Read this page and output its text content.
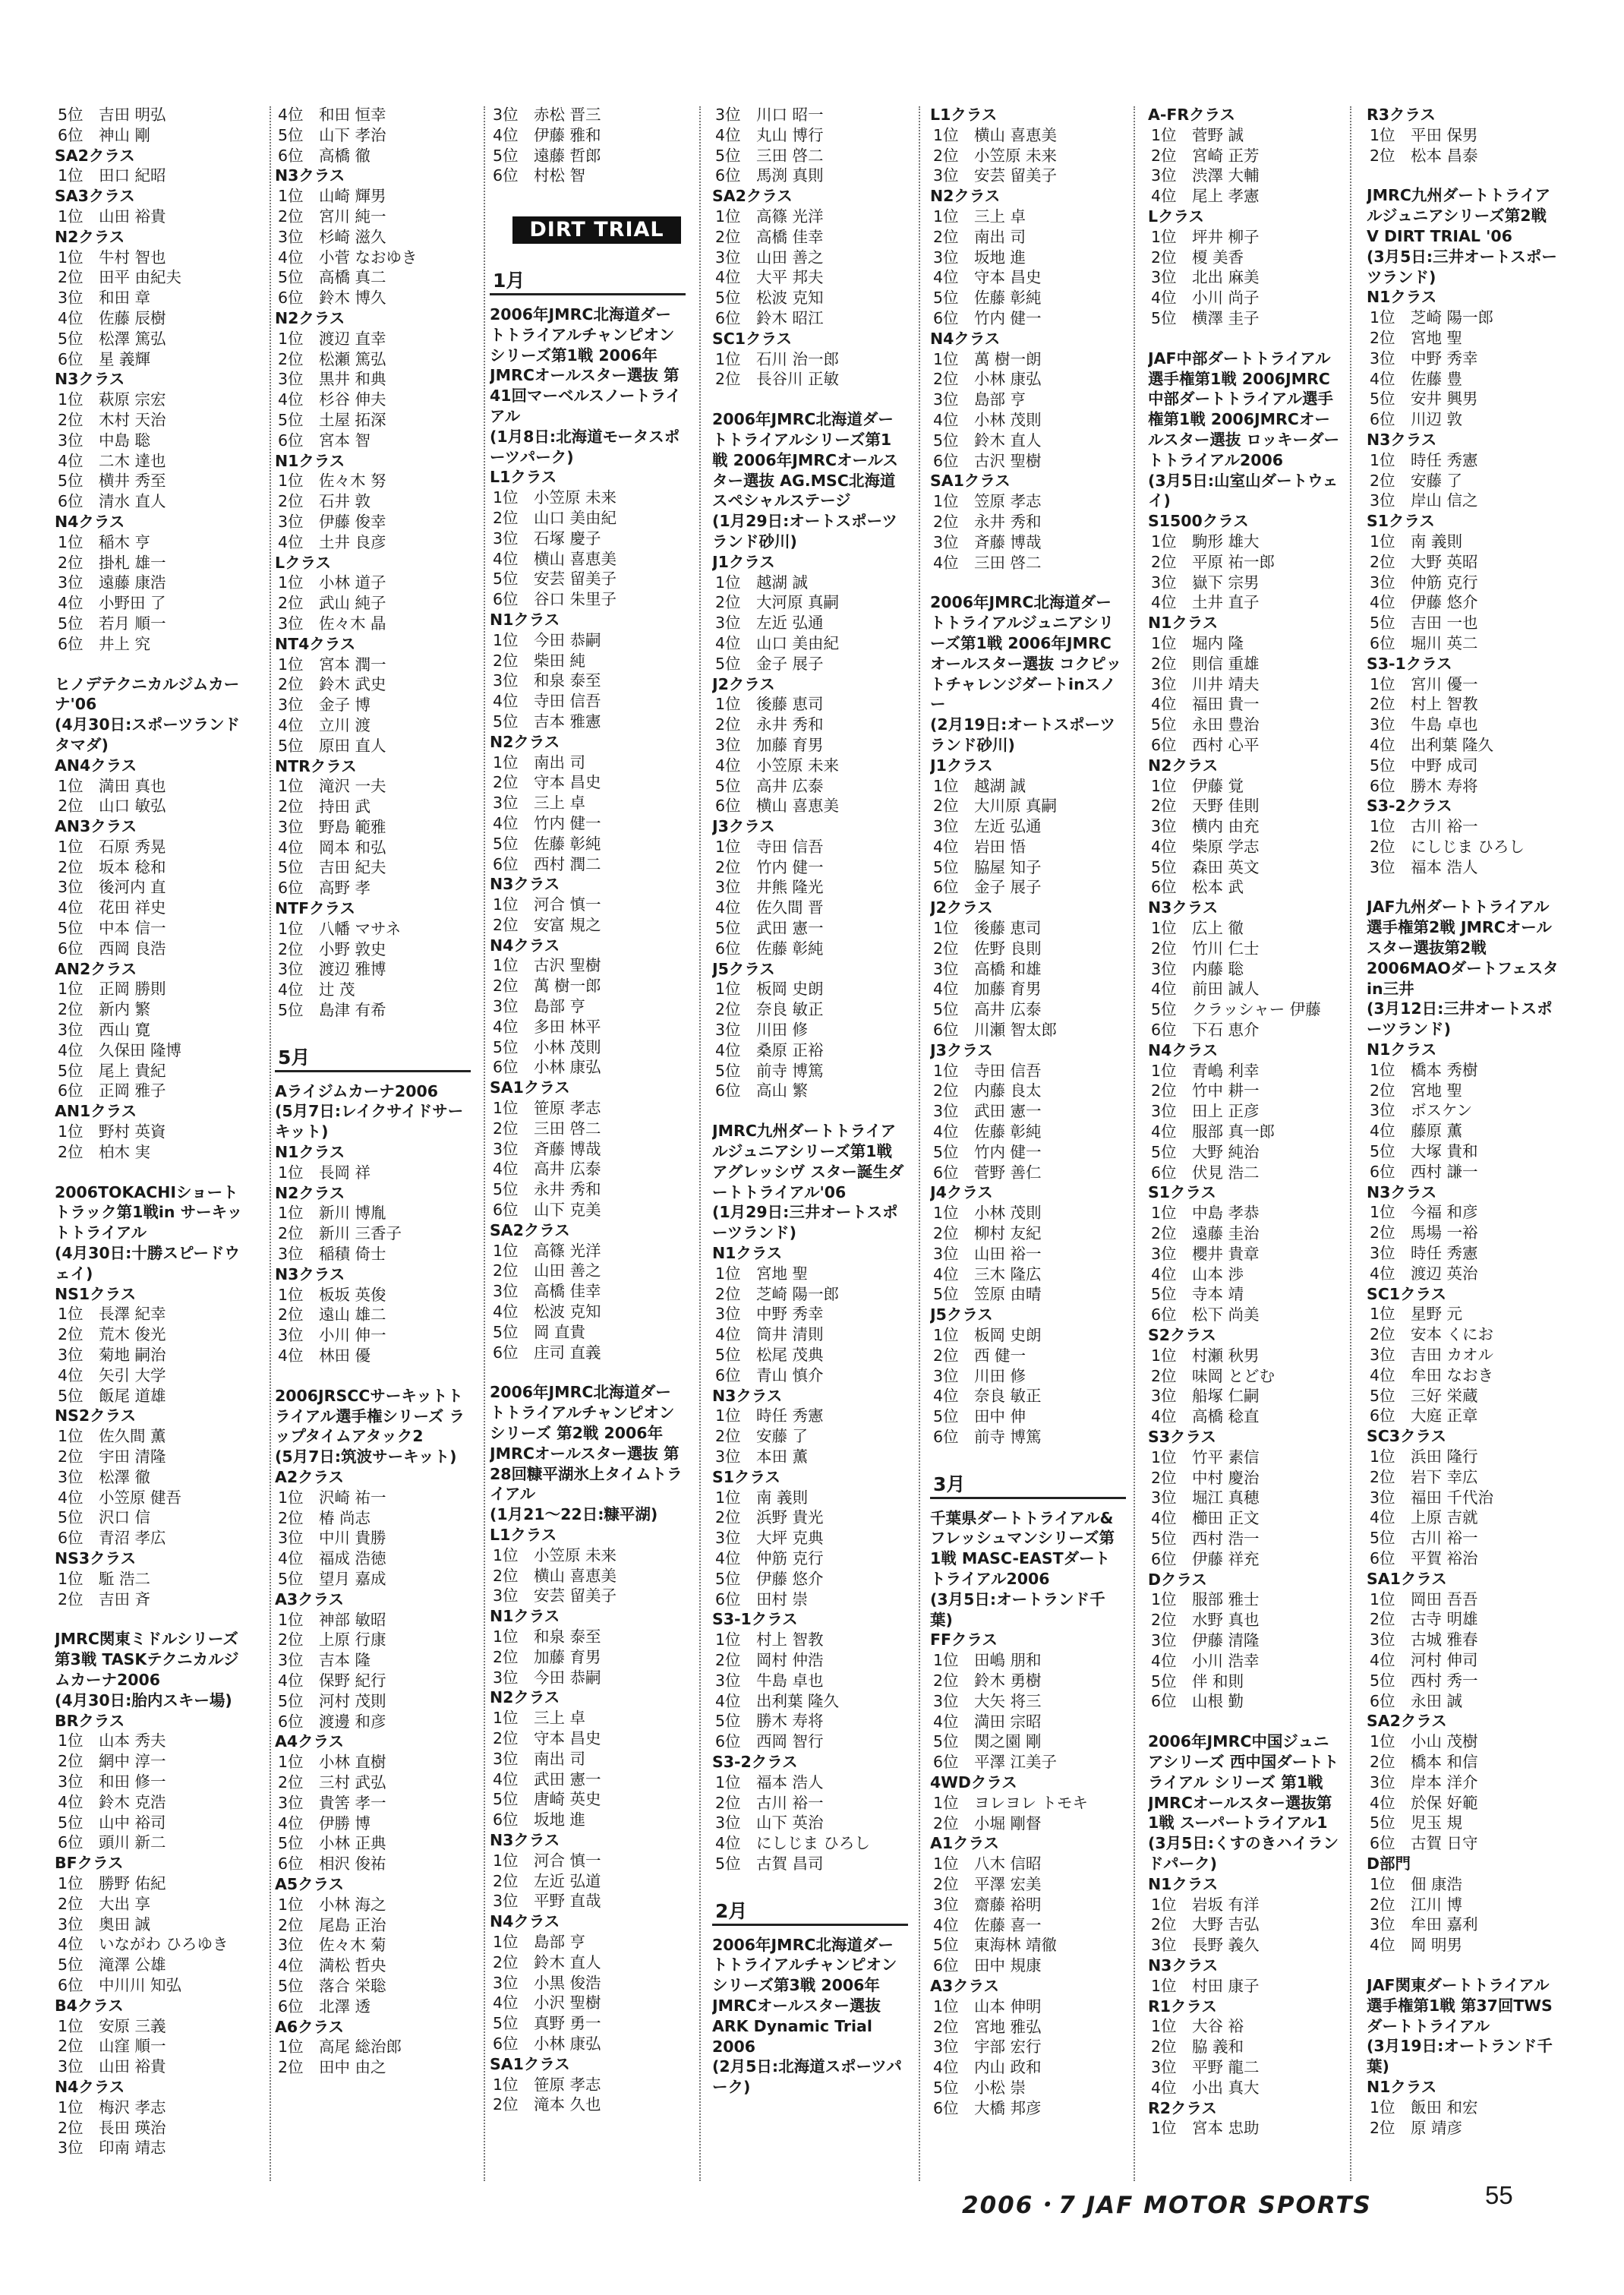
5位　吉田 明弘
6位　神山 剛
SA2クラス
1位　田口 紀昭
SA3クラス
1位　山田 裕貴
N2クラス
1位　牛村 智也
2位　田平 由紀夫
3位　和田 章
4位　佐藤 辰樹
5位　松澤 篤弘
6位　星 義輝
N3クラス
1位　萩原 宗宏
2位　木村 天治
3位　中島 聡
4位　二木 達也
5位　横井 秀至
6位　清水 直人
N4クラス
1位　稲木 亨
2位　掛札 雄一
3位　遠藤 康浩
4位　小野田 了
5位　若月 順一
6位　井上 究
ヒノデテクニカルジムカーナ'06
(4月30日:スポーツランドタマダ)
AN4クラス
1位　満田 真也
2位　山口 敏弘
AN3クラス
1位　石原 秀晃
2位　坂本 稔和
3位　後河内 直
4位　花田 祥史
5位　中本 信一
6位　西岡 良浩
AN2クラス
1位　正岡 勝則
2位　新内 繁
3位　西山 寛
4位　久保田 隆博
5位　尾上 貴紀
6位　正岡 雅子
AN1クラス
1位　野村 英資
2位　柏木 実
2006TOKACHIショートトラック第1戦in サーキットトライアル
(4月30日:十勝スピードウェイ)
NS1クラス
1位　長澤 紀幸
2位　荒木 俊光
3位　菊地 嗣治
4位　矢引 大学
5位　飯尾 道雄
NS2クラス
1位　佐久間 薫
2位　宇田 清隆
3位　松澤 徹
4位　小笠原 健吾
5位　沢口 信
6位　青沼 孝広
NS3クラス
1位　駈 浩二
2位　吉田 斉
JMRC関東ミドルシリーズ第3戦 TASKテクニカルジムカーナ2006
(4月30日:胎内スキー場)
BRクラス
1位　山本 秀夫
2位　網中 淳一
3位　和田 修一
4位　鈴木 克浩
5位　山中 裕司
6位　頭川 新二
BFクラス
1位　勝野 佑紀
2位　大出 享
3位　奥田 誠
4位　いながわ ひろゆき
5位　滝澤 公雄
6位　中川川 知弘
B4クラス
1位　安原 三義
2位　山窪 順一
3位　山田 裕貴
N4クラス
1位　梅沢 孝志
2位　長田 瑛治
3位　印南 靖志
4位　和田 恒幸
5位　山下 孝治
6位　高橋 徹
N3クラス
1位　山崎 輝男
2位　宮川 純一
3位　杉崎 滋久
4位　小菅 なおゆき
5位　高橋 真二
6位　鈴木 博久
N2クラス
1位　渡辺 直幸
2位　松瀬 篤弘
3位　黒井 和典
4位　杉谷 伸夫
5位　土屋 拓深
6位　宮本 智
N1クラス
1位　佐々木 努
2位　石井 敦
3位　伊藤 俊幸
4位　土井 良彦
Lクラス
1位　小林 道子
2位　武山 純子
3位　佐々木 晶
NT4クラス
1位　宮本 潤一
2位　鈴木 武史
3位　金子 博
4位　立川 渡
5位　原田 直人
NTRクラス
1位　滝沢 一夫
2位　持田 武
3位　野島 範雅
4位　岡本 和弘
5位　吉田 紀夫
6位　高野 孝
NTFクラス
1位　八幡 マサネ
2位　小野 敦史
3位　渡辺 雅博
4位　辻 茂
5位　島津 有希
5月
Aライジムカーナ2006
(5月7日:レイクサイドサーキット)
N1クラス
1位　長岡 祥
N2クラス
1位　新川 博胤
2位　新川 三香子
3位　稲積 倚士
N3クラス
1位　板坂 英俊
2位　遠山 雄二
3位　小川 伸一
4位　林田 優
2006JRSCCサーキットトライアル選手権シリーズ ラップタイムアタック2
(5月7日:筑波サーキット)
A2クラス
1位　沢崎 祐一
2位　椿 尚志
3位　中川 貴勝
4位　福成 浩徳
5位　望月 嘉成
A3クラス
1位　神部 敏昭
2位　上原 行康
3位　吉本 隆
4位　保野 紀行
5位　河村 茂則
6位　渡邊 和彦
A4クラス
1位　小林 直樹
2位　三村 武弘
3位　貴筈 孝一
4位　伊勝 博
5位　小林 正典
6位　相沢 俊祐
A5クラス
1位　小林 海之
2位　尾島 正治
3位　佐々木 菊
4位　満松 哲央
5位　落合 栄聡
6位　北澤 透
A6クラス
1位　高尾 総治郎
2位　田中 由之
3位　赤松 晋三
4位　伊藤 雅和
5位　遠藤 哲郎
6位　村松 智
DIRT TRIAL
1月
2006年JMRC北海道ダートトライアルチャンピオンシリーズ第1戦 2006年JMRCオールスター選抜 第41回マーベルスノートライアル
(1月8日:北海道モータスポーツパーク)
L1クラス
1位　小笠原 未来
2位　山口 美由紀
3位　石塚 慶子
4位　横山 喜恵美
5位　安芸 留美子
6位　谷口 朱里子
N1クラス
1位　今田 恭嗣
2位　柴田 純
3位　和泉 泰至
4位　寺田 信吾
5位　吉本 雅憲
N2クラス
1位　南出 司
2位　守本 昌史
3位　三上 卓
4位　竹内 健一
5位　佐藤 彰純
6位　西村 潤二
N3クラス
1位　河合 慎一
2位　安富 規之
N4クラス
1位　古沢 聖樹
2位　萬 樹一郎
3位　島部 亨
4位　多田 林平
5位　小林 茂則
6位　小林 康弘
SA1クラス
1位　笹原 孝志
2位　三田 啓二
3位　斉藤 博哉
4位　高井 広泰
5位　永井 秀和
6位　山下 克美
SA2クラス
1位　高篠 光洋
2位　山田 善之
3位　高橋 佳幸
4位　松波 克知
5位　岡 直貴
6位　庄司 直義
2006年JMRC北海道ダートトライアルチャンピオンシリーズ 第2戦 2006年JMRCオールスター選抜 第28回糠平湖氷上タイムトライアル
(1月21～22日:糠平湖)
L1クラス
1位　小笠原 未来
2位　横山 喜恵美
3位　安芸 留美子
N1クラス
1位　和泉 泰至
2位　加藤 育男
3位　今田 恭嗣
N2クラス
1位　三上 卓
2位　守本 昌史
3位　南出 司
4位　武田 憲一
5位　唐崎 英史
6位　坂地 進
N3クラス
1位　河合 慎一
2位　左近 弘道
3位　平野 直哉
N4クラス
1位　島部 亨
2位　鈴木 直人
3位　小黒 俊浩
4位　小沢 聖樹
5位　真野 勇一
6位　小林 康弘
SA1クラス
1位　笹原 孝志
2位　滝本 久也
3位　川口 昭一
4位　丸山 博行
5位　三田 啓二
6位　馬渕 真則
SA2クラス
1位　高篠 光洋
2位　高橋 佳幸
3位　山田 善之
4位　大平 邦夫
5位　松波 克知
6位　鈴木 昭江
SC1クラス
1位　石川 治一郎
2位　長谷川 正敏
2006年JMRC北海道ダートトライアルシリーズ第1戦 2006年JMRCオールスター選抜 AG.MSC北海道スペシャルステージ
(1月29日:オートスポーツランド砂川)
J1クラス
1位　越湖 誠
2位　大河原 真嗣
3位　左近 弘通
4位　山口 美由紀
5位　金子 展子
J2クラス
1位　後藤 恵司
2位　永井 秀和
3位　加藤 育男
4位　小笠原 未来
5位　高井 広泰
6位　横山 喜恵美
J3クラス
1位　寺田 信吾
2位　竹内 健一
3位　井熊 隆光
4位　佐久間 晋
5位　武田 憲一
6位　佐藤 彰純
J5クラス
1位　板岡 史朗
2位　奈良 敏正
3位　川田 修
4位　桑原 正裕
5位　前寺 博篤
6位　高山 繁
JMRC九州ダートトライアルジュニアシリーズ第1戦 アグレッシヴ スター誕生ダートトライアル'06
(1月29日:三井オートスポーツランド)
N1クラス
1位　宮地 聖
2位　芝崎 陽一郎
3位　中野 秀幸
4位　筒井 清則
5位　松尾 茂典
6位　青山 慎介
N3クラス
1位　時任 秀憲
2位　安藤 了
3位　本田 薫
S1クラス
1位　南 義則
2位　浜野 貴光
3位　大坪 克典
4位　仲筋 克行
5位　伊藤 悠介
6位　田村 崇
S3-1クラス
1位　村上 智教
2位　岡村 仲浩
3位　牛島 卓也
4位　出利葉 隆久
5位　勝木 寿将
6位　西岡 智行
S3-2クラス
1位　福本 浩人
2位　古川 裕一
3位　山下 英治
4位　にしじま ひろし
5位　古賀 昌司
2月
2006年JMRC北海道ダートトライアルチャンピオンシリーズ第3戦 2006年JMRCオールスター選抜 ARK Dynamic Trial 2006
(2月5日:北海道スポーツパーク)
L1クラス
1位　横山 喜恵美
2位　小笠原 未来
3位　安芸 留美子
N2クラス
1位　三上 卓
2位　南出 司
3位　坂地 進
4位　守本 昌史
5位　佐藤 彰純
6位　竹内 健一
N4クラス
1位　萬 樹一朗
2位　小林 康弘
3位　島部 亨
4位　小林 茂則
5位　鈴木 直人
6位　古沢 聖樹
SA1クラス
1位　笠原 孝志
2位　永井 秀和
3位　斉藤 博哉
4位　三田 啓二
2006年JMRC北海道ダートトライアルジュニアシリーズ第1戦 2006年JMRCオールスター選抜 コクピットチャレンジダートinスノー
(2月19日:オートスポーツランド砂川)
J1クラス
1位　越湖 誠
2位　大川原 真嗣
3位　左近 弘通
4位　岩田 悟
5位　脇屋 知子
6位　金子 展子
J2クラス
1位　後藤 恵司
2位　佐野 良則
3位　高橋 和雄
4位　加藤 育男
5位　高井 広泰
6位　川瀬 智太郎
J3クラス
1位　寺田 信吾
2位　内藤 良太
3位　武田 憲一
4位　佐藤 彰純
5位　竹内 健一
6位　菅野 善仁
J4クラス
1位　小林 茂則
2位　柳村 友紀
3位　山田 裕一
4位　三木 隆広
5位　笠原 由晴
J5クラス
1位　板岡 史朗
2位　西 健一
3位　川田 修
4位　奈良 敏正
5位　田中 伸
6位　前寺 博篤
3月
千葉県ダートトライアル&フレッシュマンシリーズ第1戦 MASC-EASTダートトライアル2006
(3月5日:オートランド千葉)
FFクラス
1位　田嶋 朋和
2位　鈴木 勇樹
3位　大矢 将三
4位　満田 宗昭
5位　関之園 剛
6位　平澤 江美子
4WDクラス
1位　ヨレヨレ トモキ
2位　小堀 剛督
A1クラス
1位　八木 信昭
2位　平澤 宏美
3位　齋藤 裕明
4位　佐藤 喜一
5位　東海林 靖徹
6位　田中 規康
A3クラス
1位　山本 伸明
2位　宮地 雅弘
3位　宇部 宏行
4位　内山 政和
5位　小松 崇
6位　大橋 邦彦
A-FRクラス
1位　菅野 誠
2位　宮崎 正芳
3位　渋澤 大輔
4位　尾上 孝憲
Lクラス
1位　坪井 柳子
2位　榎 美香
3位　北出 麻美
4位　小川 尚子
5位　横澤 圭子
JAF中部ダートトライアル選手権第1戦 2006JMRC中部ダートトライアル選手権第1戦 2006JMRCオールスター選抜 ロッキーダートトライアル2006
(3月5日:山室山ダートウェイ)
S1500クラス
1位　駒形 雄大
2位　平原 祐一郎
3位　嶽下 宗男
4位　土井 直子
N1クラス
1位　堀内 隆
2位　則信 重雄
3位　川井 靖夫
4位　福田 貴一
5位　永田 豊治
6位　西村 心平
N2クラス
1位　伊藤 覚
2位　天野 佳則
3位　横内 由充
4位　柴原 学志
5位　森田 英文
6位　松本 武
N3クラス
1位　広上 徹
2位　竹川 仁士
3位　内藤 聡
4位　前田 誠人
5位　クラッシャー 伊藤
6位　下石 恵介
N4クラス
1位　青嶋 利幸
2位　竹中 耕一
3位　田上 正彦
4位　服部 真一郎
5位　大野 純治
6位　伏見 浩二
S1クラス
1位　中島 孝恭
2位　遠藤 圭治
3位　櫻井 貴章
4位　山本 渉
5位　寺本 靖
6位　松下 尚美
S2クラス
1位　村瀬 秋男
2位　味岡 とどむ
3位　船塚 仁嗣
4位　高橋 稔直
S3クラス
1位　竹平 素信
2位　中村 慶治
3位　堀江 真穂
4位　櫛田 正文
5位　西村 浩一
6位　伊藤 祥充
Dクラス
1位　服部 雅士
2位　水野 真也
3位　伊藤 清隆
4位　小川 浩幸
5位　伴 和則
6位　山根 勤
2006年JMRC中国ジュニアシリーズ 西中国ダートトライアル シリーズ 第1戦 JMRCオールスター選抜第1戦 スーパートライアル1
(3月5日:くすのきハイランドパーク)
N1クラス
1位　岩坂 有洋
2位　大野 吉弘
3位　長野 義久
N3クラス
1位　村田 康子
R1クラス
1位　大谷 裕
2位　脇 義和
3位　平野 龍二
4位　小出 真大
R2クラス
1位　宮本 忠助
R3クラス
1位　平田 保男
2位　松本 昌泰
JMRC九州ダートトライアルジュニアシリーズ第2戦 V DIRT TRIAL '06
(3月5日:三井オートスポーツランド)
N1クラス
1位　芝崎 陽一郎
2位　宮地 聖
3位　中野 秀幸
4位　佐藤 豊
5位　安井 興男
6位　川辺 敦
N3クラス
1位　時任 秀憲
2位　安藤 了
3位　岸山 信之
S1クラス
1位　南 義則
2位　大野 英昭
3位　仲筋 克行
4位　伊藤 悠介
5位　吉田 一也
6位　堀川 英二
S3-1クラス
1位　宮川 優一
2位　村上 智教
3位　牛島 卓也
4位　出利葉 隆久
5位　中野 成司
6位　勝木 寿将
S3-2クラス
1位　古川 裕一
2位　にしじま ひろし
3位　福本 浩人
JAF九州ダートトライアル選手権第2戦 JMRCオールスター選抜第2戦 2006MAOダートフェスタin三井
(3月12日:三井オートスポーツランド)
N1クラス
1位　橋本 秀樹
2位　宮地 聖
3位　ボスケン
4位　藤原 薫
5位　大塚 貴和
6位　西村 謙一
N3クラス
1位　今福 和彦
2位　馬場 一裕
3位　時任 秀憲
4位　渡辺 英治
SC1クラス
1位　星野 元
2位　安本 くにお
3位　吉田 カオル
4位　牟田 なおき
5位　三好 栄蔵
6位　大庭 正章
SC3クラス
1位　浜田 隆行
2位　岩下 幸広
3位　福田 千代治
4位　上原 吉就
5位　古川 裕一
6位　平賀 裕治
SA1クラス
1位　岡田 吾吾
2位　古寺 明雄
3位　古城 雅春
4位　河村 伸司
5位　西村 秀一
6位　永田 誠
SA2クラス
1位　小山 茂樹
2位　橋本 和信
3位　岸本 洋介
4位　於保 好範
5位　児玉 規
6位　古賀 日守
D部門
1位　佃 康浩
2位　江川 博
3位　牟田 嘉利
4位　岡 明男
JAF関東ダートトライアル選手権第1戦 第37回TWSダートトライアル
(3月19日:オートランド千葉)
N1クラス
1位　飯田 和宏
2位　原 靖彦
2006・7 JAF MOTOR SPORTS	55
